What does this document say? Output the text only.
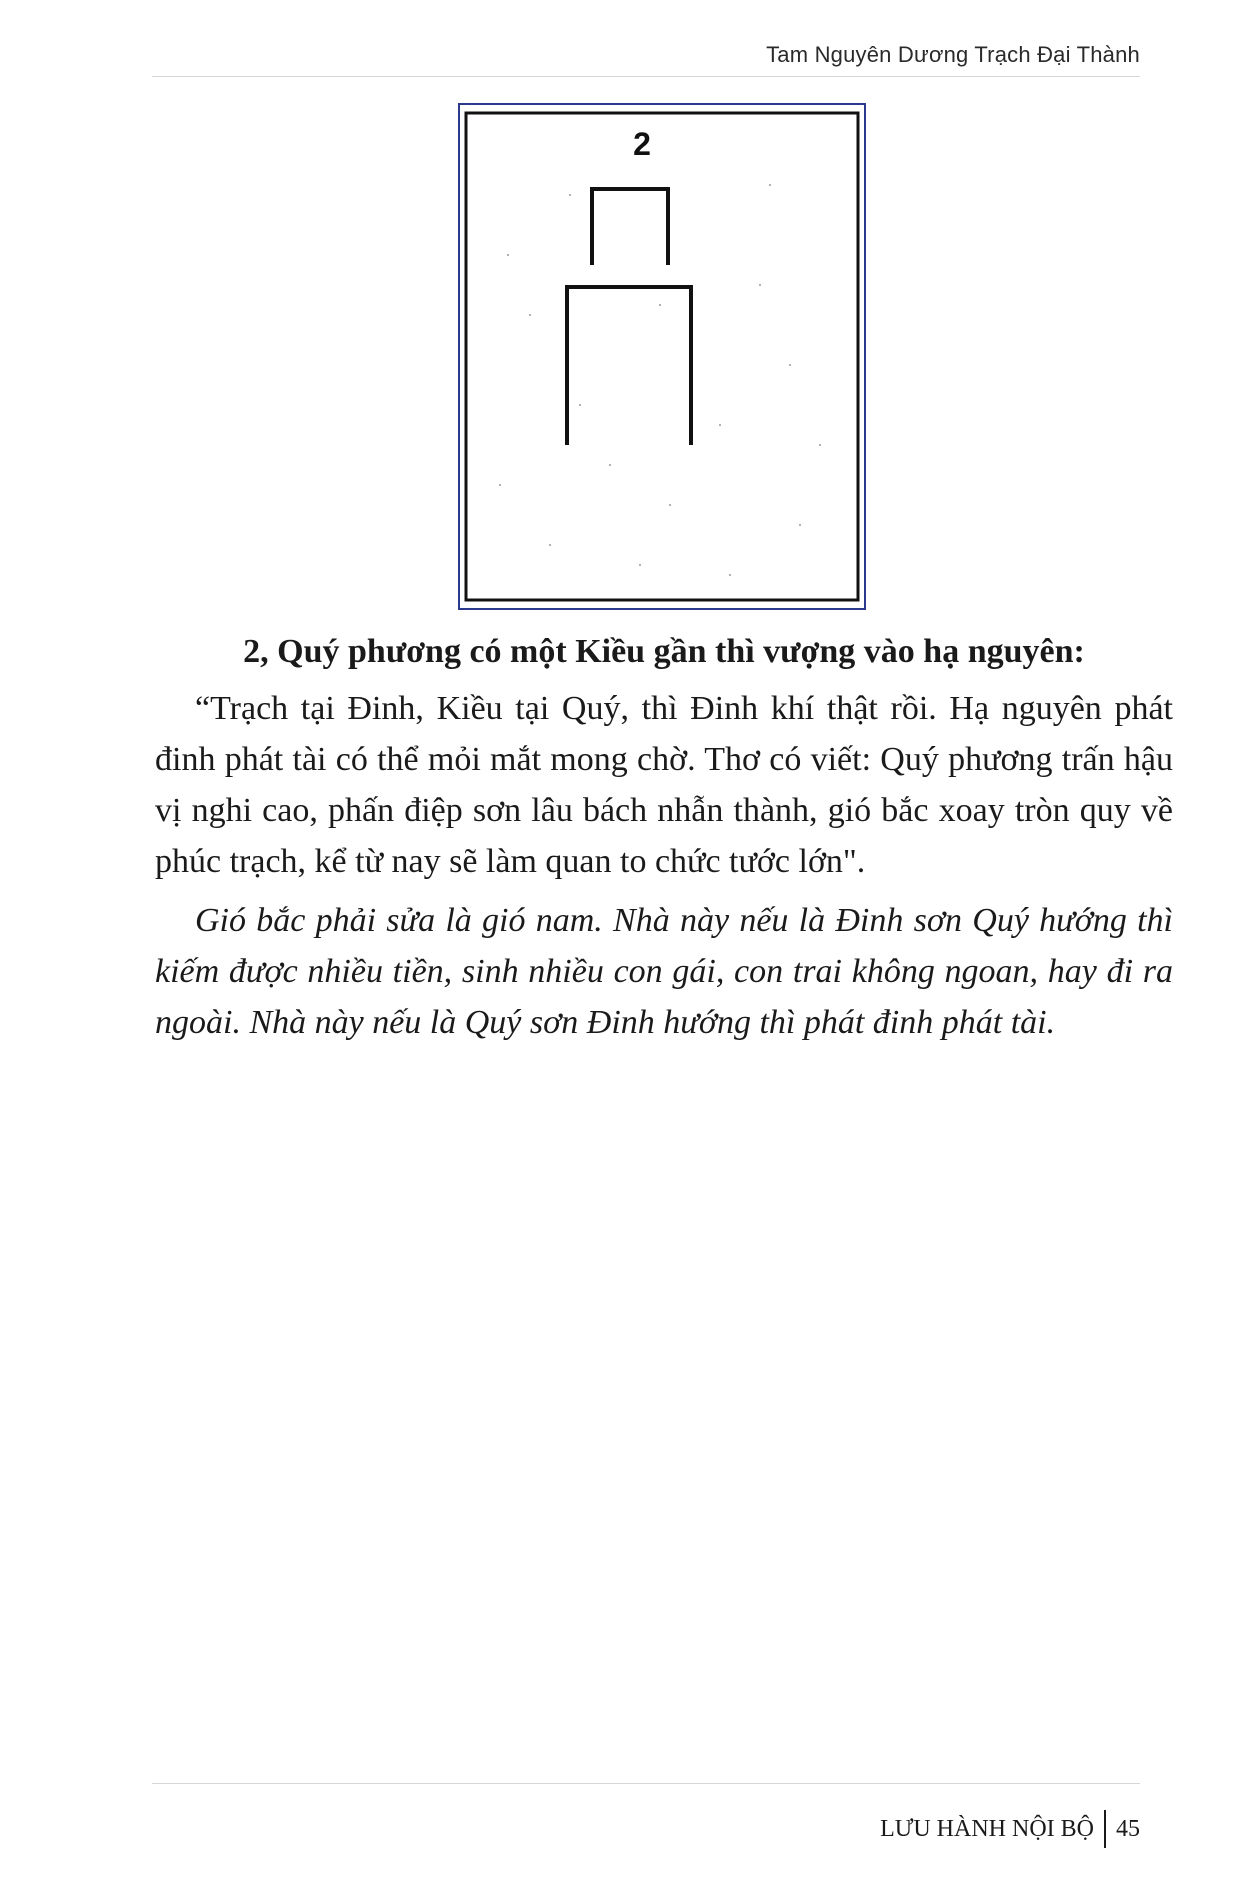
Tam Nguyên Dương Trạch Đại Thành
2

2, Quý phương có một Kiều gần thì vượng vào hạ nguyên:

“Trạch tại Đinh, Kiều tại Quý, thì Đinh khí thật rồi. Hạ nguyên phát đinh phát tài có thể mỏi mắt mong chờ. Thơ có viết: Quý phương trấn hậu vị nghi cao, phấn điệp sơn lâu bách nhẫn thành, gió bắc xoay tròn quy về phúc trạch, kể từ nay sẽ làm quan to chức tước lớn".

Gió bắc phải sửa là gió nam. Nhà này nếu là Đinh sơn Quý hướng thì kiếm được nhiều tiền, sinh nhiều con gái, con trai không ngoan, hay đi ra ngoài. Nhà này nếu là Quý sơn Đinh hướng thì phát đinh phát tài.

LƯU HÀNH NỘI BỘ 45
